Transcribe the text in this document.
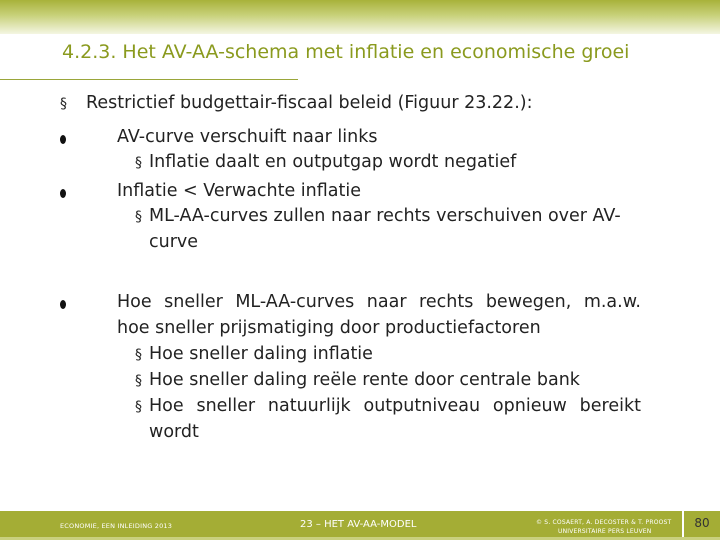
4.2.3. Het AV-AA-schema met inflatie en economische groei
§ Restrictief budgettair-fiscaal beleid (Figuur 23.22.):
AV-curve verschuift naar links
§ Inflatie daalt en outputgap wordt negatief
Inflatie < Verwachte inflatie
§ ML-AA-curves zullen naar rechts verschuiven over AV-
curve
Hoe sneller ML-AA-curves naar rechts bewegen, m.a.w.
hoe sneller prijsmatiging door productiefactoren
§ Hoe sneller daling inflatie
§ Hoe sneller daling reële rente door centrale bank
§ Hoe sneller natuurlijk outputniveau opnieuw bereikt
wordt
ECONOMIE, EEN INLEIDING 2013	23 – HET AV-AA-MODEL	© S. COSAERT, A. DECOSTER & T. PROOST
UNIVERSITAIRE PERS LEUVEN
80
